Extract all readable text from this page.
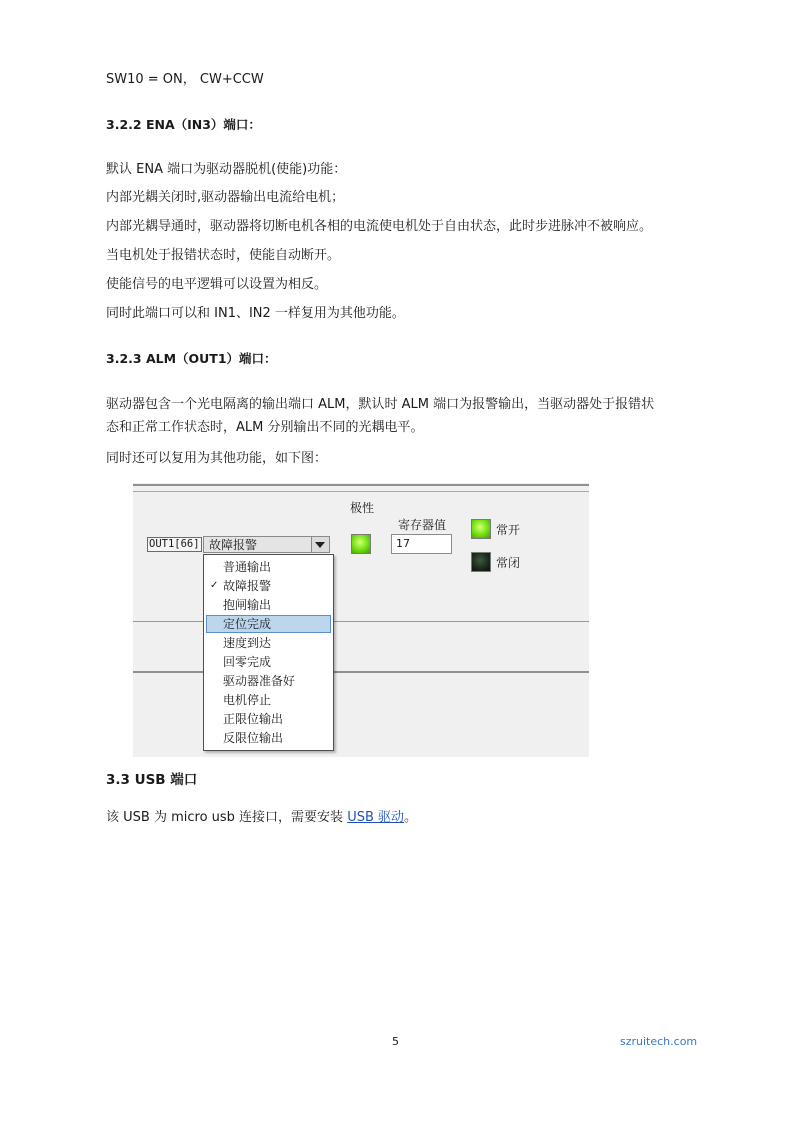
SW10 = ON， CW+CCW
3.2.2 ENA（IN3）端口：
默认 ENA 端口为驱动器脱机(使能)功能：
内部光耦关闭时,驱动器输出电流给电机；
内部光耦导通时，驱动器将切断电机各相的电流使电机处于自由状态，此时步进脉冲不被响应。
当电机处于报错状态时，使能自动断开。
使能信号的电平逻辑可以设置为相反。
同时此端口可以和 IN1、IN2 一样复用为其他功能。
3.2.3 ALM（OUT1）端口：
驱动器包含一个光电隔离的输出端口 ALM，默认时 ALM 端口为报警输出，当驱动器处于报错状
态和正常工作状态时，ALM 分别输出不同的光耦电平。
同时还可以复用为其他功能，如下图：
OUT1[66] 故障报警
普通输出
✓ 故障报警
抱闸输出
定位完成
速度到达
回零完成
驱动器准备好
电机停止
正限位输出
反限位输出
极性
寄存器值
17
常开
常闭
3.3 USB 端口
该 USB 为 micro usb 连接口，需要安装 USB 驱动。
5	szruitech.com
